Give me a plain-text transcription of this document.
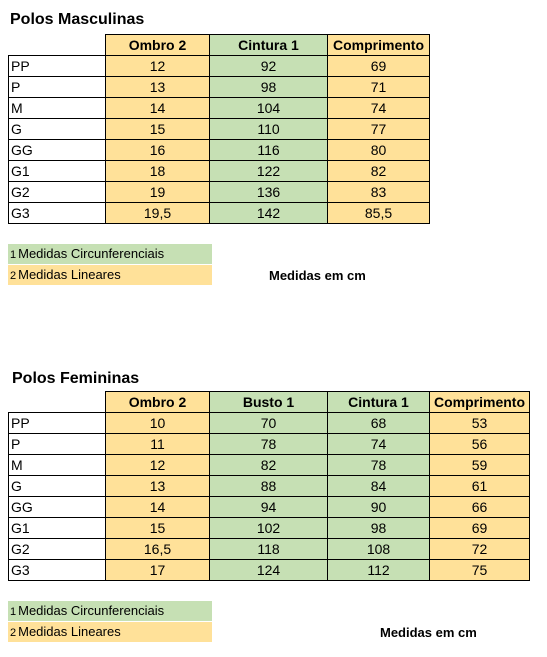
Polos Masculinas
	Ombro 2	Cintura 1	Comprimento
PP	12	92	69
P	13	98	71
M	14	104	74
G	15	110	77
GG	16	116	80
G1	18	122	82
G2	19	136	83
G3	19,5	142	85,5
1 Medidas Circunferenciais
2 Medidas Lineares	Medidas em cm
Polos Femininas
	Ombro 2	Busto 1	Cintura 1	Comprimento
PP	10	70	68	53
P	11	78	74	56
M	12	82	78	59
G	13	88	84	61
GG	14	94	90	66
G1	15	102	98	69
G2	16,5	118	108	72
G3	17	124	112	75
1 Medidas Circunferenciais
2 Medidas Lineares	Medidas em cm
